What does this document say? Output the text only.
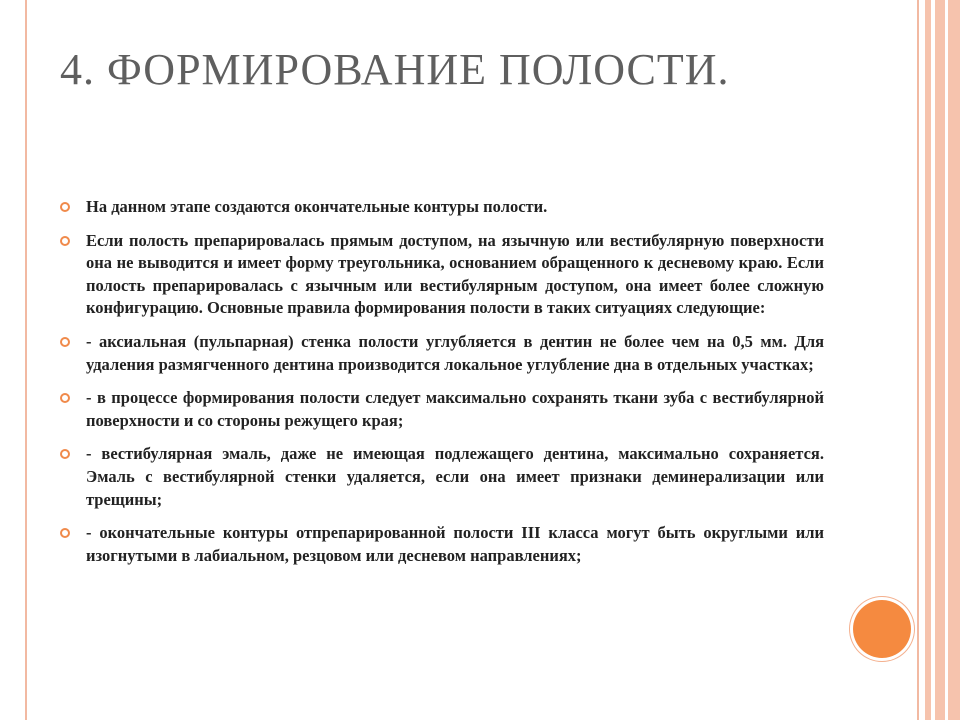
4. ФОРМИРОВАНИЕ ПОЛОСТИ.
На данном этапе создаются окончательные контуры полости.
Если полость препарировалась прямым доступом, на язычную или вестибулярную поверхности она не выводится и имеет форму треугольника, основанием обращенного к десневому краю. Если полость препарировалась с язычным или вестибулярным доступом, она имеет более сложную конфигурацию. Основные правила формирования полости в таких ситуациях следующие:
- аксиальная (пульпарная) стенка полости углубляется в дентин не более чем на 0,5 мм. Для удаления размягченного дентина производится локальное углубление дна в отдельных участках;
- в процессе формирования полости следует максимально сохранять ткани зуба с вестибулярной поверхности и со стороны режущего края;
- вестибулярная эмаль, даже не имеющая подлежащего дентина, максимально сохраняется. Эмаль с вестибулярной стенки удаляется, если она имеет признаки деминерализации или трещины;
- окончательные контуры отпрепарированной полости III класса могут быть округлыми или изогнутыми в лабиальном, резцовом или десневом направлениях;
